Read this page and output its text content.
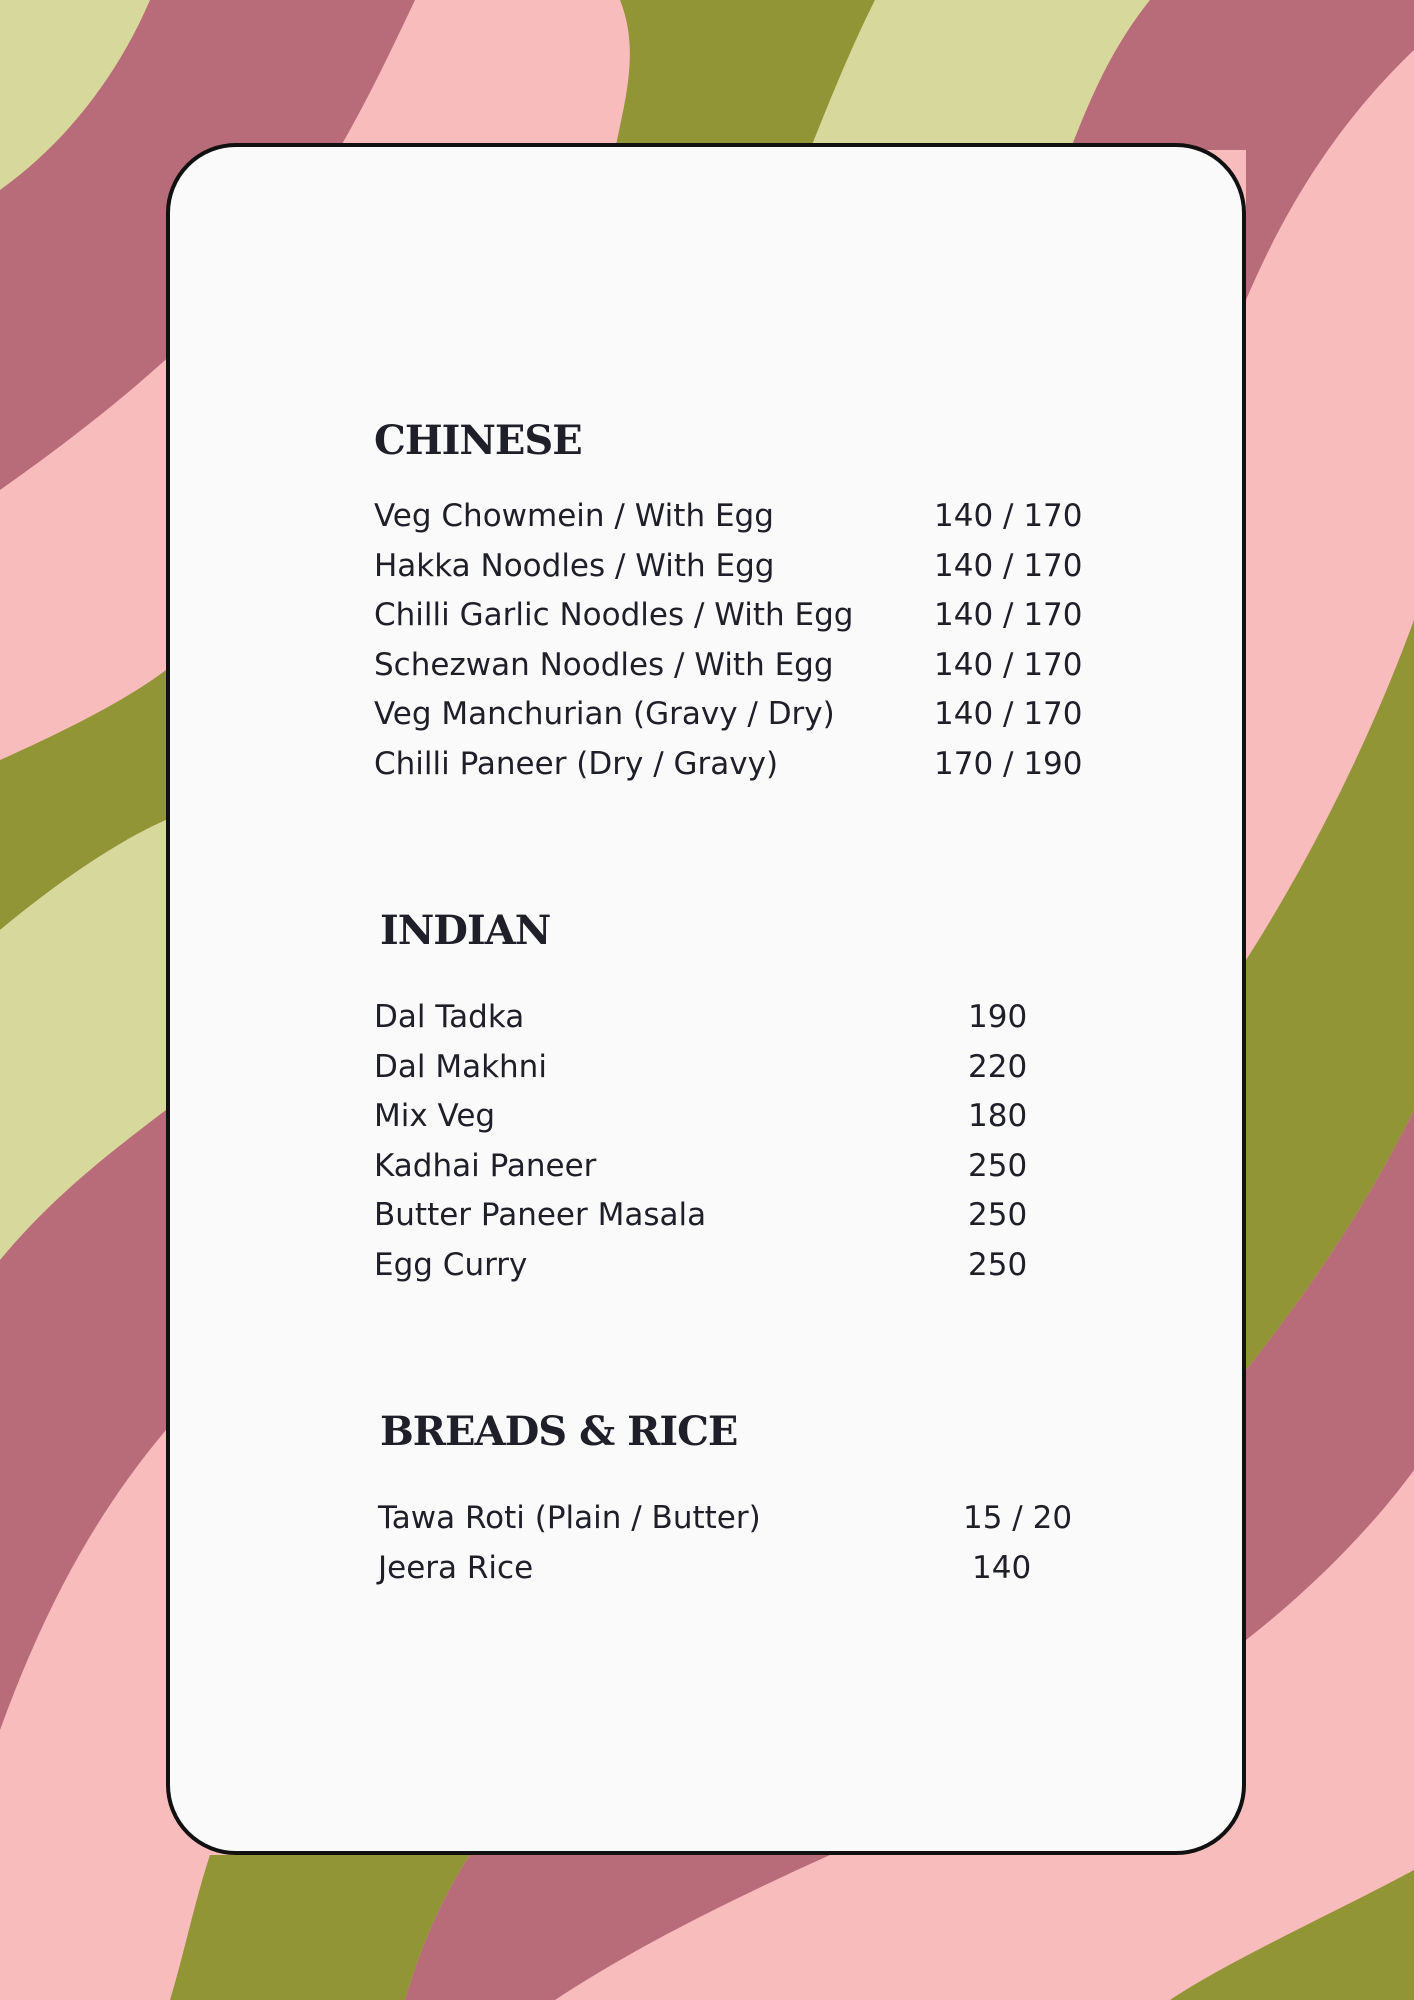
CHINESE
Veg Chowmein / With Egg	140 / 170
Hakka Noodles / With Egg	140 / 170
Chilli Garlic Noodles / With Egg	140 / 170
Schezwan Noodles / With Egg	140 / 170
Veg Manchurian (Gravy / Dry)	140 / 170
Chilli Paneer (Dry / Gravy)	170 / 190
INDIAN
Dal Tadka	190
Dal Makhni	220
Mix Veg	180
Kadhai Paneer	250
Butter Paneer Masala	250
Egg Curry	250
BREADS & RICE
Tawa Roti (Plain / Butter)	15 / 20
Jeera Rice	140
